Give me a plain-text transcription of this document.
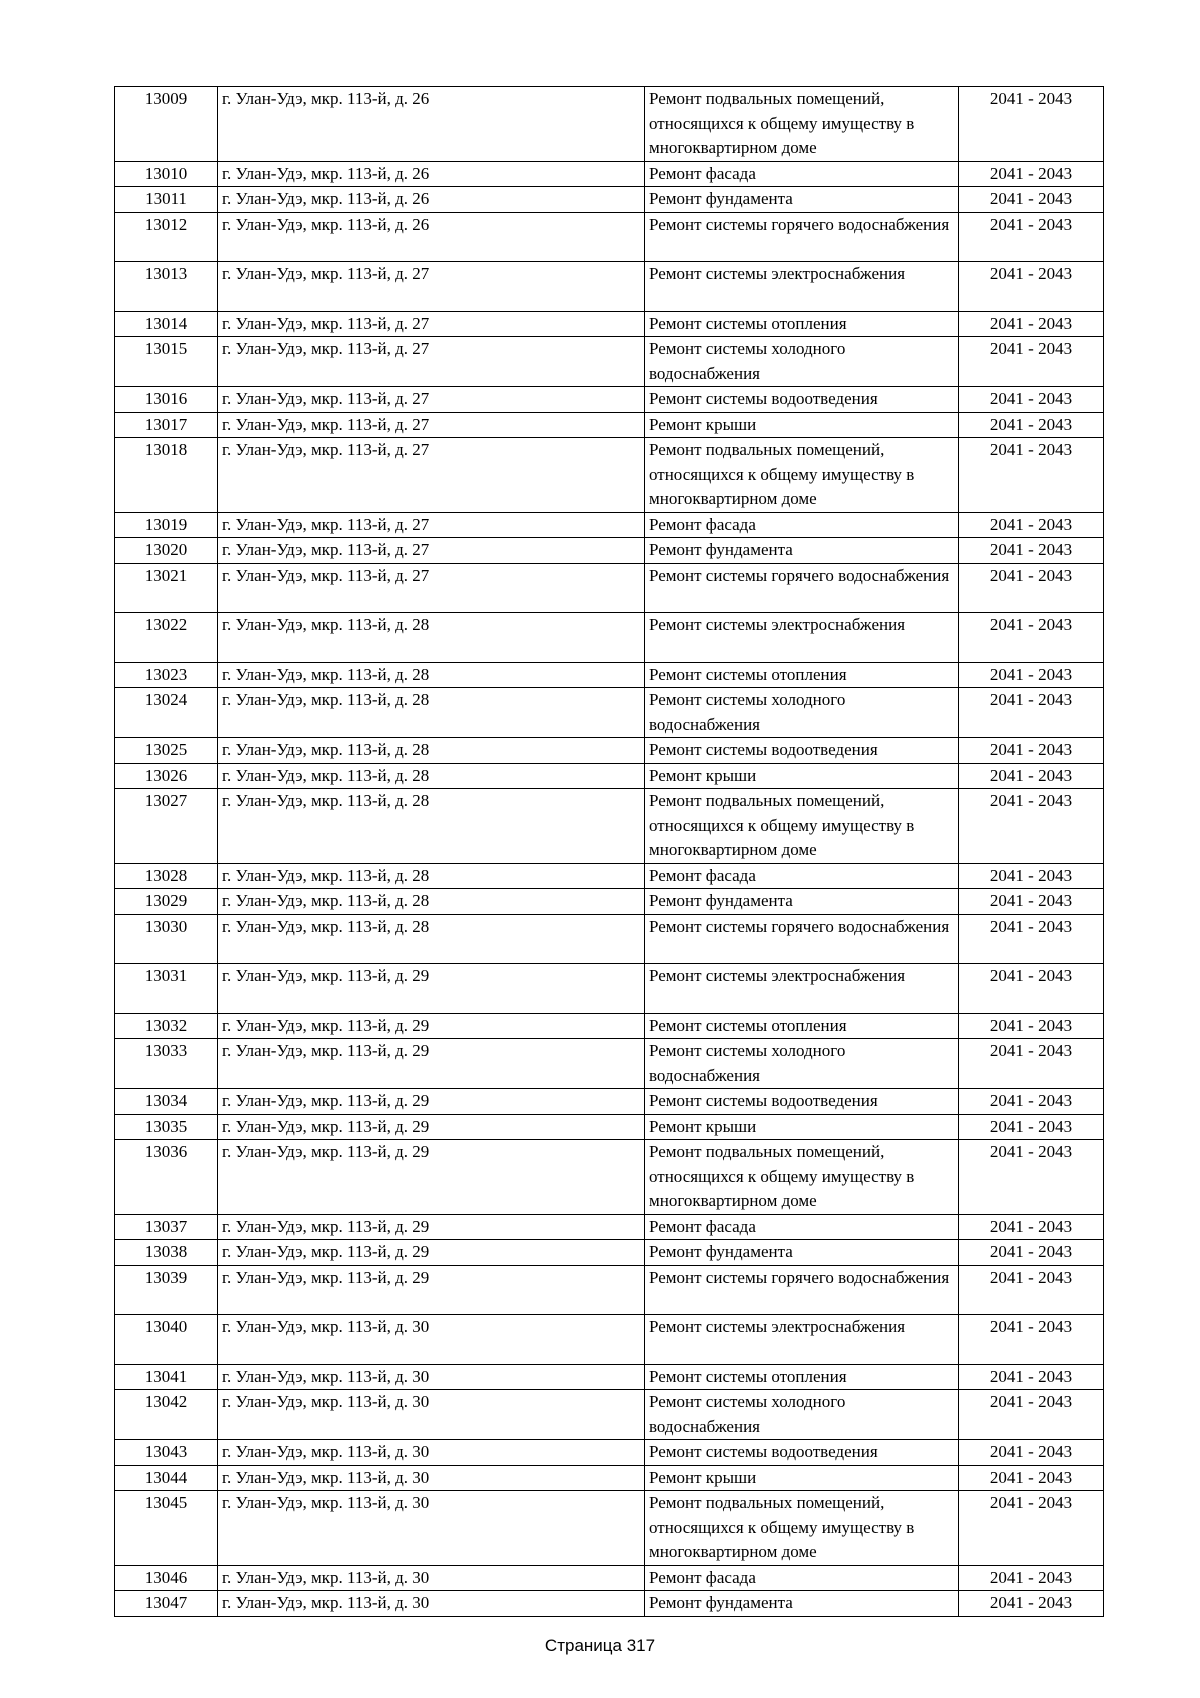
13009	г. Улан-Удэ, мкр. 113-й, д. 26	Ремонт подвальных помещений, относящихся к общему имуществу в многоквартирном доме	2041 - 2043
13010	г. Улан-Удэ, мкр. 113-й, д. 26	Ремонт фасада	2041 - 2043
13011	г. Улан-Удэ, мкр. 113-й, д. 26	Ремонт фундамента	2041 - 2043
13012	г. Улан-Удэ, мкр. 113-й, д. 26	Ремонт системы горячего водоснабжения	2041 - 2043
13013	г. Улан-Удэ, мкр. 113-й, д. 27	Ремонт системы электроснабжения	2041 - 2043
13014	г. Улан-Удэ, мкр. 113-й, д. 27	Ремонт системы отопления	2041 - 2043
13015	г. Улан-Удэ, мкр. 113-й, д. 27	Ремонт системы холодного водоснабжения	2041 - 2043
13016	г. Улан-Удэ, мкр. 113-й, д. 27	Ремонт системы водоотведения	2041 - 2043
13017	г. Улан-Удэ, мкр. 113-й, д. 27	Ремонт крыши	2041 - 2043
13018	г. Улан-Удэ, мкр. 113-й, д. 27	Ремонт подвальных помещений, относящихся к общему имуществу в многоквартирном доме	2041 - 2043
13019	г. Улан-Удэ, мкр. 113-й, д. 27	Ремонт фасада	2041 - 2043
13020	г. Улан-Удэ, мкр. 113-й, д. 27	Ремонт фундамента	2041 - 2043
13021	г. Улан-Удэ, мкр. 113-й, д. 27	Ремонт системы горячего водоснабжения	2041 - 2043
13022	г. Улан-Удэ, мкр. 113-й, д. 28	Ремонт системы электроснабжения	2041 - 2043
13023	г. Улан-Удэ, мкр. 113-й, д. 28	Ремонт системы отопления	2041 - 2043
13024	г. Улан-Удэ, мкр. 113-й, д. 28	Ремонт системы холодного водоснабжения	2041 - 2043
13025	г. Улан-Удэ, мкр. 113-й, д. 28	Ремонт системы водоотведения	2041 - 2043
13026	г. Улан-Удэ, мкр. 113-й, д. 28	Ремонт крыши	2041 - 2043
13027	г. Улан-Удэ, мкр. 113-й, д. 28	Ремонт подвальных помещений, относящихся к общему имуществу в многоквартирном доме	2041 - 2043
13028	г. Улан-Удэ, мкр. 113-й, д. 28	Ремонт фасада	2041 - 2043
13029	г. Улан-Удэ, мкр. 113-й, д. 28	Ремонт фундамента	2041 - 2043
13030	г. Улан-Удэ, мкр. 113-й, д. 28	Ремонт системы горячего водоснабжения	2041 - 2043
13031	г. Улан-Удэ, мкр. 113-й, д. 29	Ремонт системы электроснабжения	2041 - 2043
13032	г. Улан-Удэ, мкр. 113-й, д. 29	Ремонт системы отопления	2041 - 2043
13033	г. Улан-Удэ, мкр. 113-й, д. 29	Ремонт системы холодного водоснабжения	2041 - 2043
13034	г. Улан-Удэ, мкр. 113-й, д. 29	Ремонт системы водоотведения	2041 - 2043
13035	г. Улан-Удэ, мкр. 113-й, д. 29	Ремонт крыши	2041 - 2043
13036	г. Улан-Удэ, мкр. 113-й, д. 29	Ремонт подвальных помещений, относящихся к общему имуществу в многоквартирном доме	2041 - 2043
13037	г. Улан-Удэ, мкр. 113-й, д. 29	Ремонт фасада	2041 - 2043
13038	г. Улан-Удэ, мкр. 113-й, д. 29	Ремонт фундамента	2041 - 2043
13039	г. Улан-Удэ, мкр. 113-й, д. 29	Ремонт системы горячего водоснабжения	2041 - 2043
13040	г. Улан-Удэ, мкр. 113-й, д. 30	Ремонт системы электроснабжения	2041 - 2043
13041	г. Улан-Удэ, мкр. 113-й, д. 30	Ремонт системы отопления	2041 - 2043
13042	г. Улан-Удэ, мкр. 113-й, д. 30	Ремонт системы холодного водоснабжения	2041 - 2043
13043	г. Улан-Удэ, мкр. 113-й, д. 30	Ремонт системы водоотведения	2041 - 2043
13044	г. Улан-Удэ, мкр. 113-й, д. 30	Ремонт крыши	2041 - 2043
13045	г. Улан-Удэ, мкр. 113-й, д. 30	Ремонт подвальных помещений, относящихся к общему имуществу в многоквартирном доме	2041 - 2043
13046	г. Улан-Удэ, мкр. 113-й, д. 30	Ремонт фасада	2041 - 2043
13047	г. Улан-Удэ, мкр. 113-й, д. 30	Ремонт фундамента	2041 - 2043
Страница 317
